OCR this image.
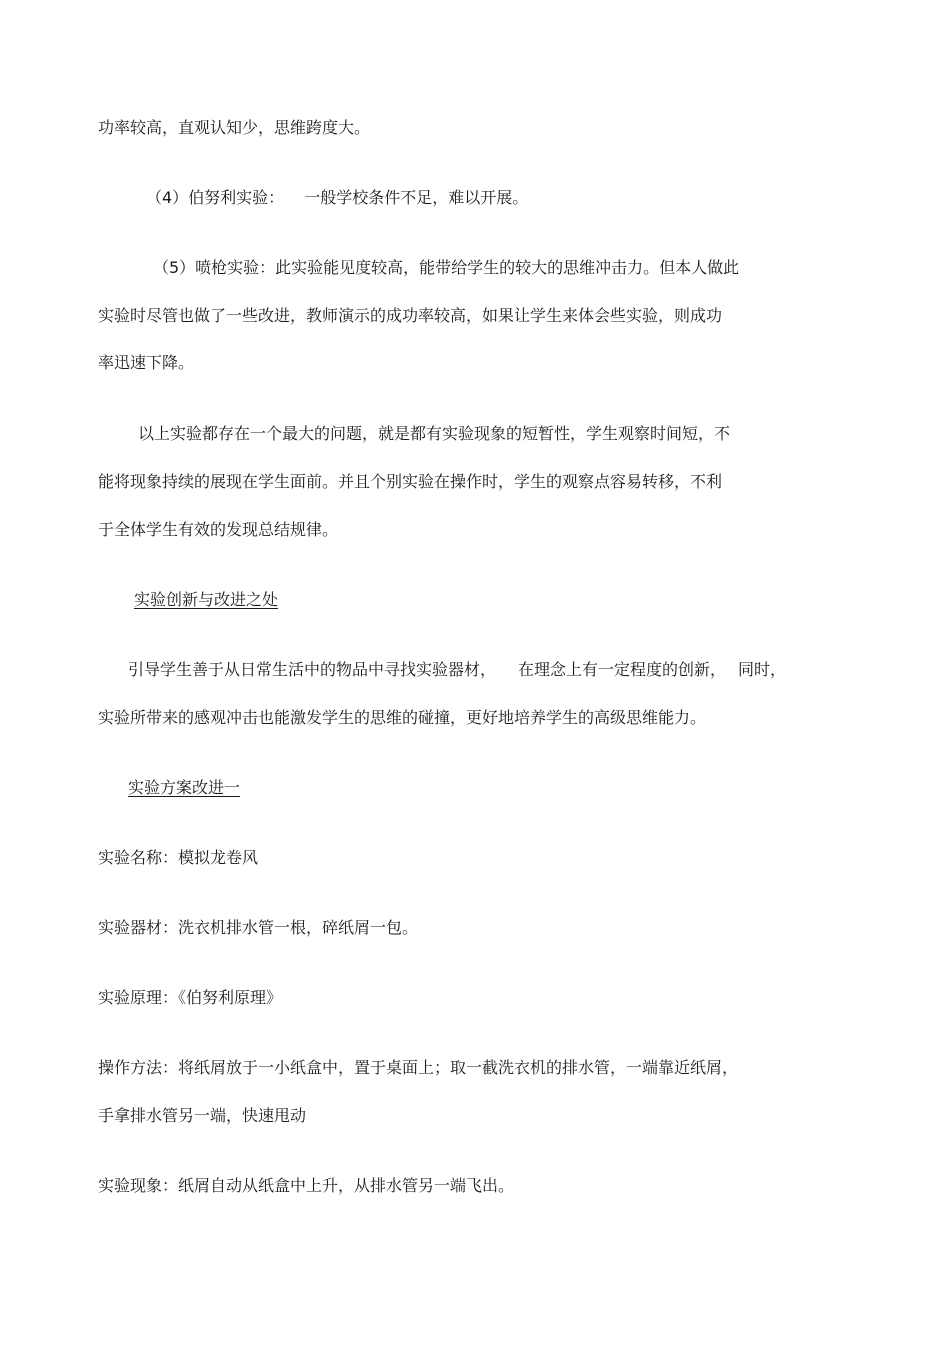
功率较高，直观认知少，思维跨度大。
（4）伯努利实验： 一般学校条件不足，难以开展。
（5）喷枪实验：此实验能见度较高，能带给学生的较大的思维冲击力。但本人做此
实验时尽管也做了一些改进，教师演示的成功率较高，如果让学生来体会些实验，则成功
率迅速下降。
以上实验都存在一个最大的问题，就是都有实验现象的短暂性，学生观察时间短，不
能将现象持续的展现在学生面前。并且个别实验在操作时，学生的观察点容易转移，不利
于全体学生有效的发现总结规律。
实验创新与改进之处
引导学生善于从日常生活中的物品中寻找实验器材， 在理念上有一定程度的创新， 同时，
实验所带来的感观冲击也能激发学生的思维的碰撞，更好地培养学生的高级思维能力。
实验方案改进一
实验名称：模拟龙卷风
实验器材：洗衣机排水管一根，碎纸屑一包。
实验原理：《伯努利原理》
操作方法：将纸屑放于一小纸盒中，置于桌面上；取一截洗衣机的排水管，一端靠近纸屑，
手拿排水管另一端，快速甩动
实验现象：纸屑自动从纸盒中上升，从排水管另一端飞出。
